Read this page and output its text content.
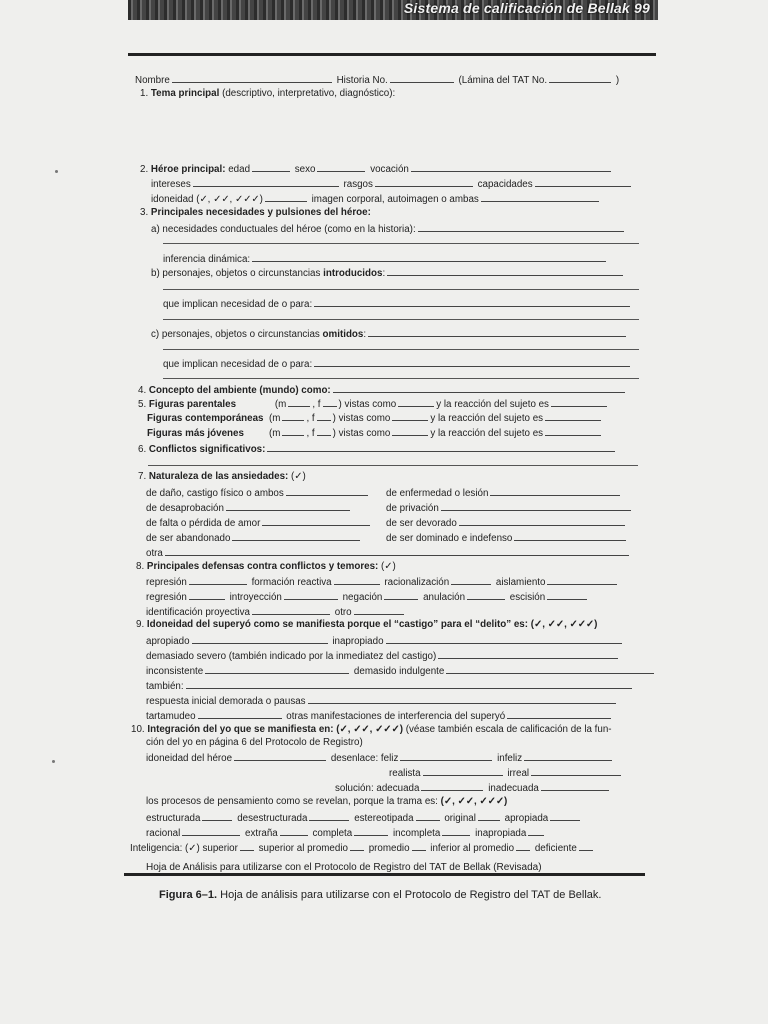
Sistema de calificación de Bellak 99
Nombre	Historia No.	(Lámina del TAT No.	)
1. Tema principal (descriptivo, interpretativo, diagnóstico):
2. Héroe principal: edad	sexo	vocación
intereses	rasgos	capacidades
idoneidad (✓, ✓✓, ✓✓✓)	imagen corporal, autoimagen o ambas
3. Principales necesidades y pulsiones del héroe:
a) necesidades conductuales del héroe (como en la historia):
inferencia dinámica:
b) personajes, objetos o circunstancias introducidos:
que implican necesidad de o para:
c) personajes, objetos o circunstancias omitidos:
que implican necesidad de o para:
4. Concepto del ambiente (mundo) como:
5. Figuras parentales	(m	, f ) vistas como	y la reacción del sujeto es
Figuras contemporáneas (m	, f ) vistas como	y la reacción del sujeto es
Figuras más jóvenes	(m	, f ) vistas como	y la reacción del sujeto es
6. Conflictos significativos:
7. Naturaleza de las ansiedades: (✓)
de daño, castigo físico o ambos	de enfermedad o lesión
de desaprobación	de privación
de falta o pérdida de amor	de ser devorado
de ser abandonado	de ser dominado e indefenso
otra
8. Principales defensas contra conflictos y temores: (✓)
represión	formación reactiva	racionalización	aislamiento
regresión	introyección	negación	anulación	escisión
identificación proyectiva	otro
9. Idoneidad del superyó como se manifiesta porque el “castigo” para el “delito” es: (✓, ✓✓, ✓✓✓)
apropiado	inapropiado
demasiado severo (también indicado por la inmediatez del castigo)
inconsistente	demasido indulgente
también:
respuesta inicial demorada o pausas
tartamudeo	otras manifestaciones de interferencia del superyó
10. Integración del yo que se manifiesta en: (✓, ✓✓, ✓✓✓) (véase también escala de calificación de la fun-
ción del yo en página 6 del Protocolo de Registro)
idoneidad del héroe	desenlace: feliz	infeliz
realista	irreal
solución: adecuada	inadecuada
los procesos de pensamiento como se revelan, porque la trama es: (✓, ✓✓, ✓✓✓)
estructurada	desestructurada	estereotipada	original	apropiada
racional	extraña	completa	incompleta	inapropiada
Inteligencia: (✓) superior superior al promedio promedio inferior al promedio deficiente
Hoja de Análisis para utilizarse con el Protocolo de Registro del TAT de Bellak (Revisada)
Figura 6–1. Hoja de análisis para utilizarse con el Protocolo de Registro del TAT de Bellak.
